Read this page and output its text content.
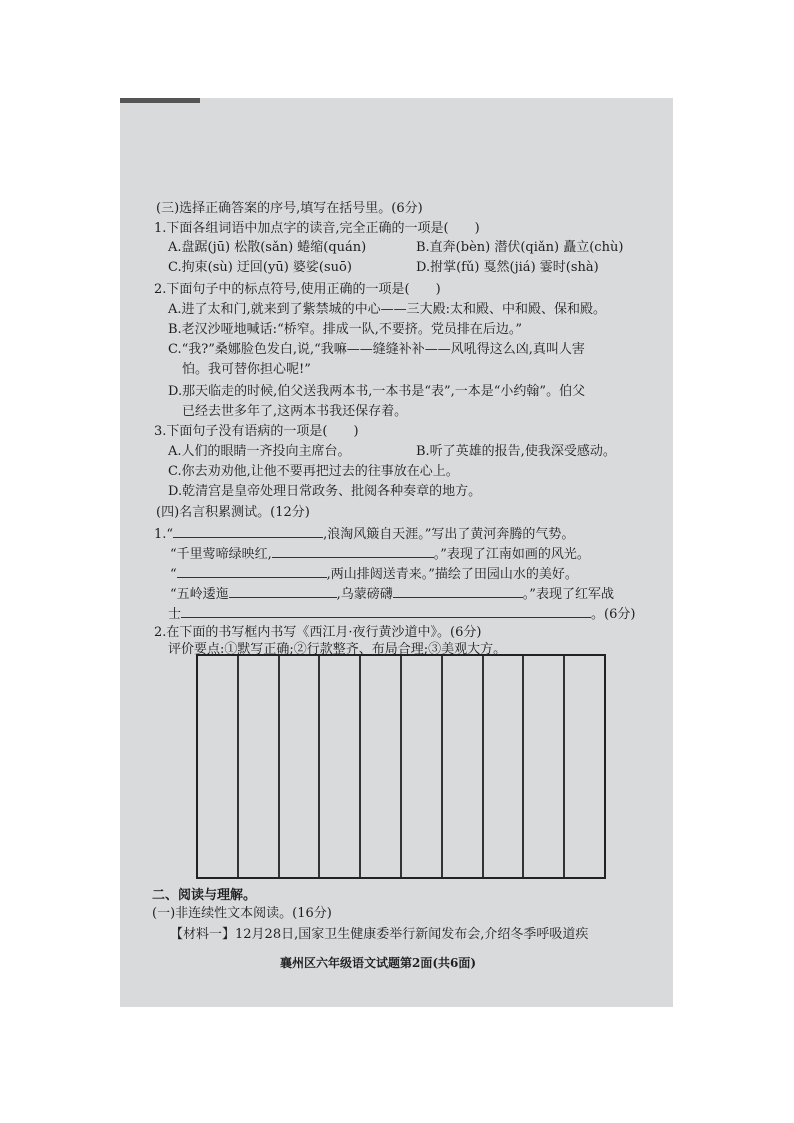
(三)选择正确答案的序号,填写在括号里。(6分)
1.下面各组词语中加点字的读音,完全正确的一项是(　　)
A.盘踞(jū) 松散(sǎn) 蜷缩(quán)	B.直奔(bèn) 潜伏(qiǎn) 矗立(chù)
C.拘束(sù) 迂回(yū) 婆娑(suō)	D.拊掌(fǔ) 戛然(jiá) 霎时(shà)
2.下面句子中的标点符号,使用正确的一项是(　　)
A.进了太和门,就来到了紫禁城的中心——三大殿:太和殿、中和殿、保和殿。
B.老汉沙哑地喊话:“桥窄。排成一队,不要挤。党员排在后边。”
C.“我?”桑娜脸色发白,说,“我嘛——缝缝补补——风吼得这么凶,真叫人害
怕。我可替你担心呢!”
D.那天临走的时候,伯父送我两本书,一本书是“表”,一本是“小约翰”。伯父
已经去世多年了,这两本书我还保存着。
3.下面句子没有语病的一项是(　　)
A.人们的眼睛一齐投向主席台。	B.听了英雄的报告,使我深受感动。
C.你去劝劝他,让他不要再把过去的往事放在心上。
D.乾清宫是皇帝处理日常政务、批阅各种奏章的地方。
(四)名言积累测试。(12分)
1.“	,浪淘风簸自天涯。”写出了黄河奔腾的气势。
“千里莺啼绿映红,	。”表现了江南如画的风光。
“	,两山排闼送青来。”描绘了田园山水的美好。
“五岭逶迤	,乌蒙磅礴	。”表现了红军战
士	。(6分)
2.在下面的书写框内书写《西江月·夜行黄沙道中》。(6分)
评价要点:①默写正确;②行款整齐、布局合理;③美观大方。
二、阅读与理解。
(一)非连续性文本阅读。(16分)
【材料一】12月28日,国家卫生健康委举行新闻发布会,介绍冬季呼吸道疾
襄州区六年级语文试题第2面(共6面)
